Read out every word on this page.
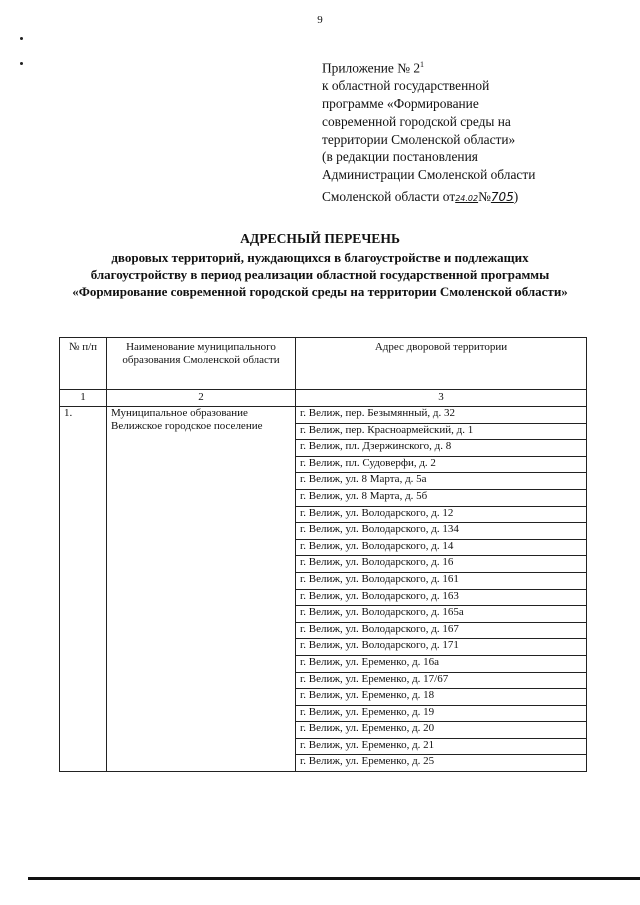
9
Приложение № $2^1$
к областной государственной
программе «Формирование
современной городской среды на
территории Смоленской области»
(в редакции постановления
Администрации Смоленской области
Смоленской области от24.02№705)
АДРЕСНЫЙ ПЕРЕЧЕНЬ
дворовых территорий, нуждающихся в благоустройстве и подлежащих благоустройству в период реализации областной государственной программы «Формирование современной городской среды на территории Смоленской области»
№ п/п	Наименование муниципального образования Смоленской области	Адрес дворовой территории
1	2	3
1.	Муниципальное образование Велижское городское поселение	г. Велиж, пер. Безымянный, д. 32
		г. Велиж, пер. Красноармейский, д. 1
		г. Велиж, пл. Дзержинского, д. 8
		г. Велиж, пл. Судоверфи, д. 2
		г. Велиж, ул. 8 Марта, д. 5а
		г. Велиж, ул. 8 Марта, д. 5б
		г. Велиж, ул. Володарского, д. 12
		г. Велиж, ул. Володарского, д. 134
		г. Велиж, ул. Володарского, д. 14
		г. Велиж, ул. Володарского, д. 16
		г. Велиж, ул. Володарского, д. 161
		г. Велиж, ул. Володарского, д. 163
		г. Велиж, ул. Володарского, д. 165а
		г. Велиж, ул. Володарского, д. 167
		г. Велиж, ул. Володарского, д. 171
		г. Велиж, ул. Еременко, д. 16а
		г. Велиж, ул. Еременко, д. 17/67
		г. Велиж, ул. Еременко, д. 18
		г. Велиж, ул. Еременко, д. 19
		г. Велиж, ул. Еременко, д. 20
		г. Велиж, ул. Еременко, д. 21
		г. Велиж, ул. Еременко, д. 25
